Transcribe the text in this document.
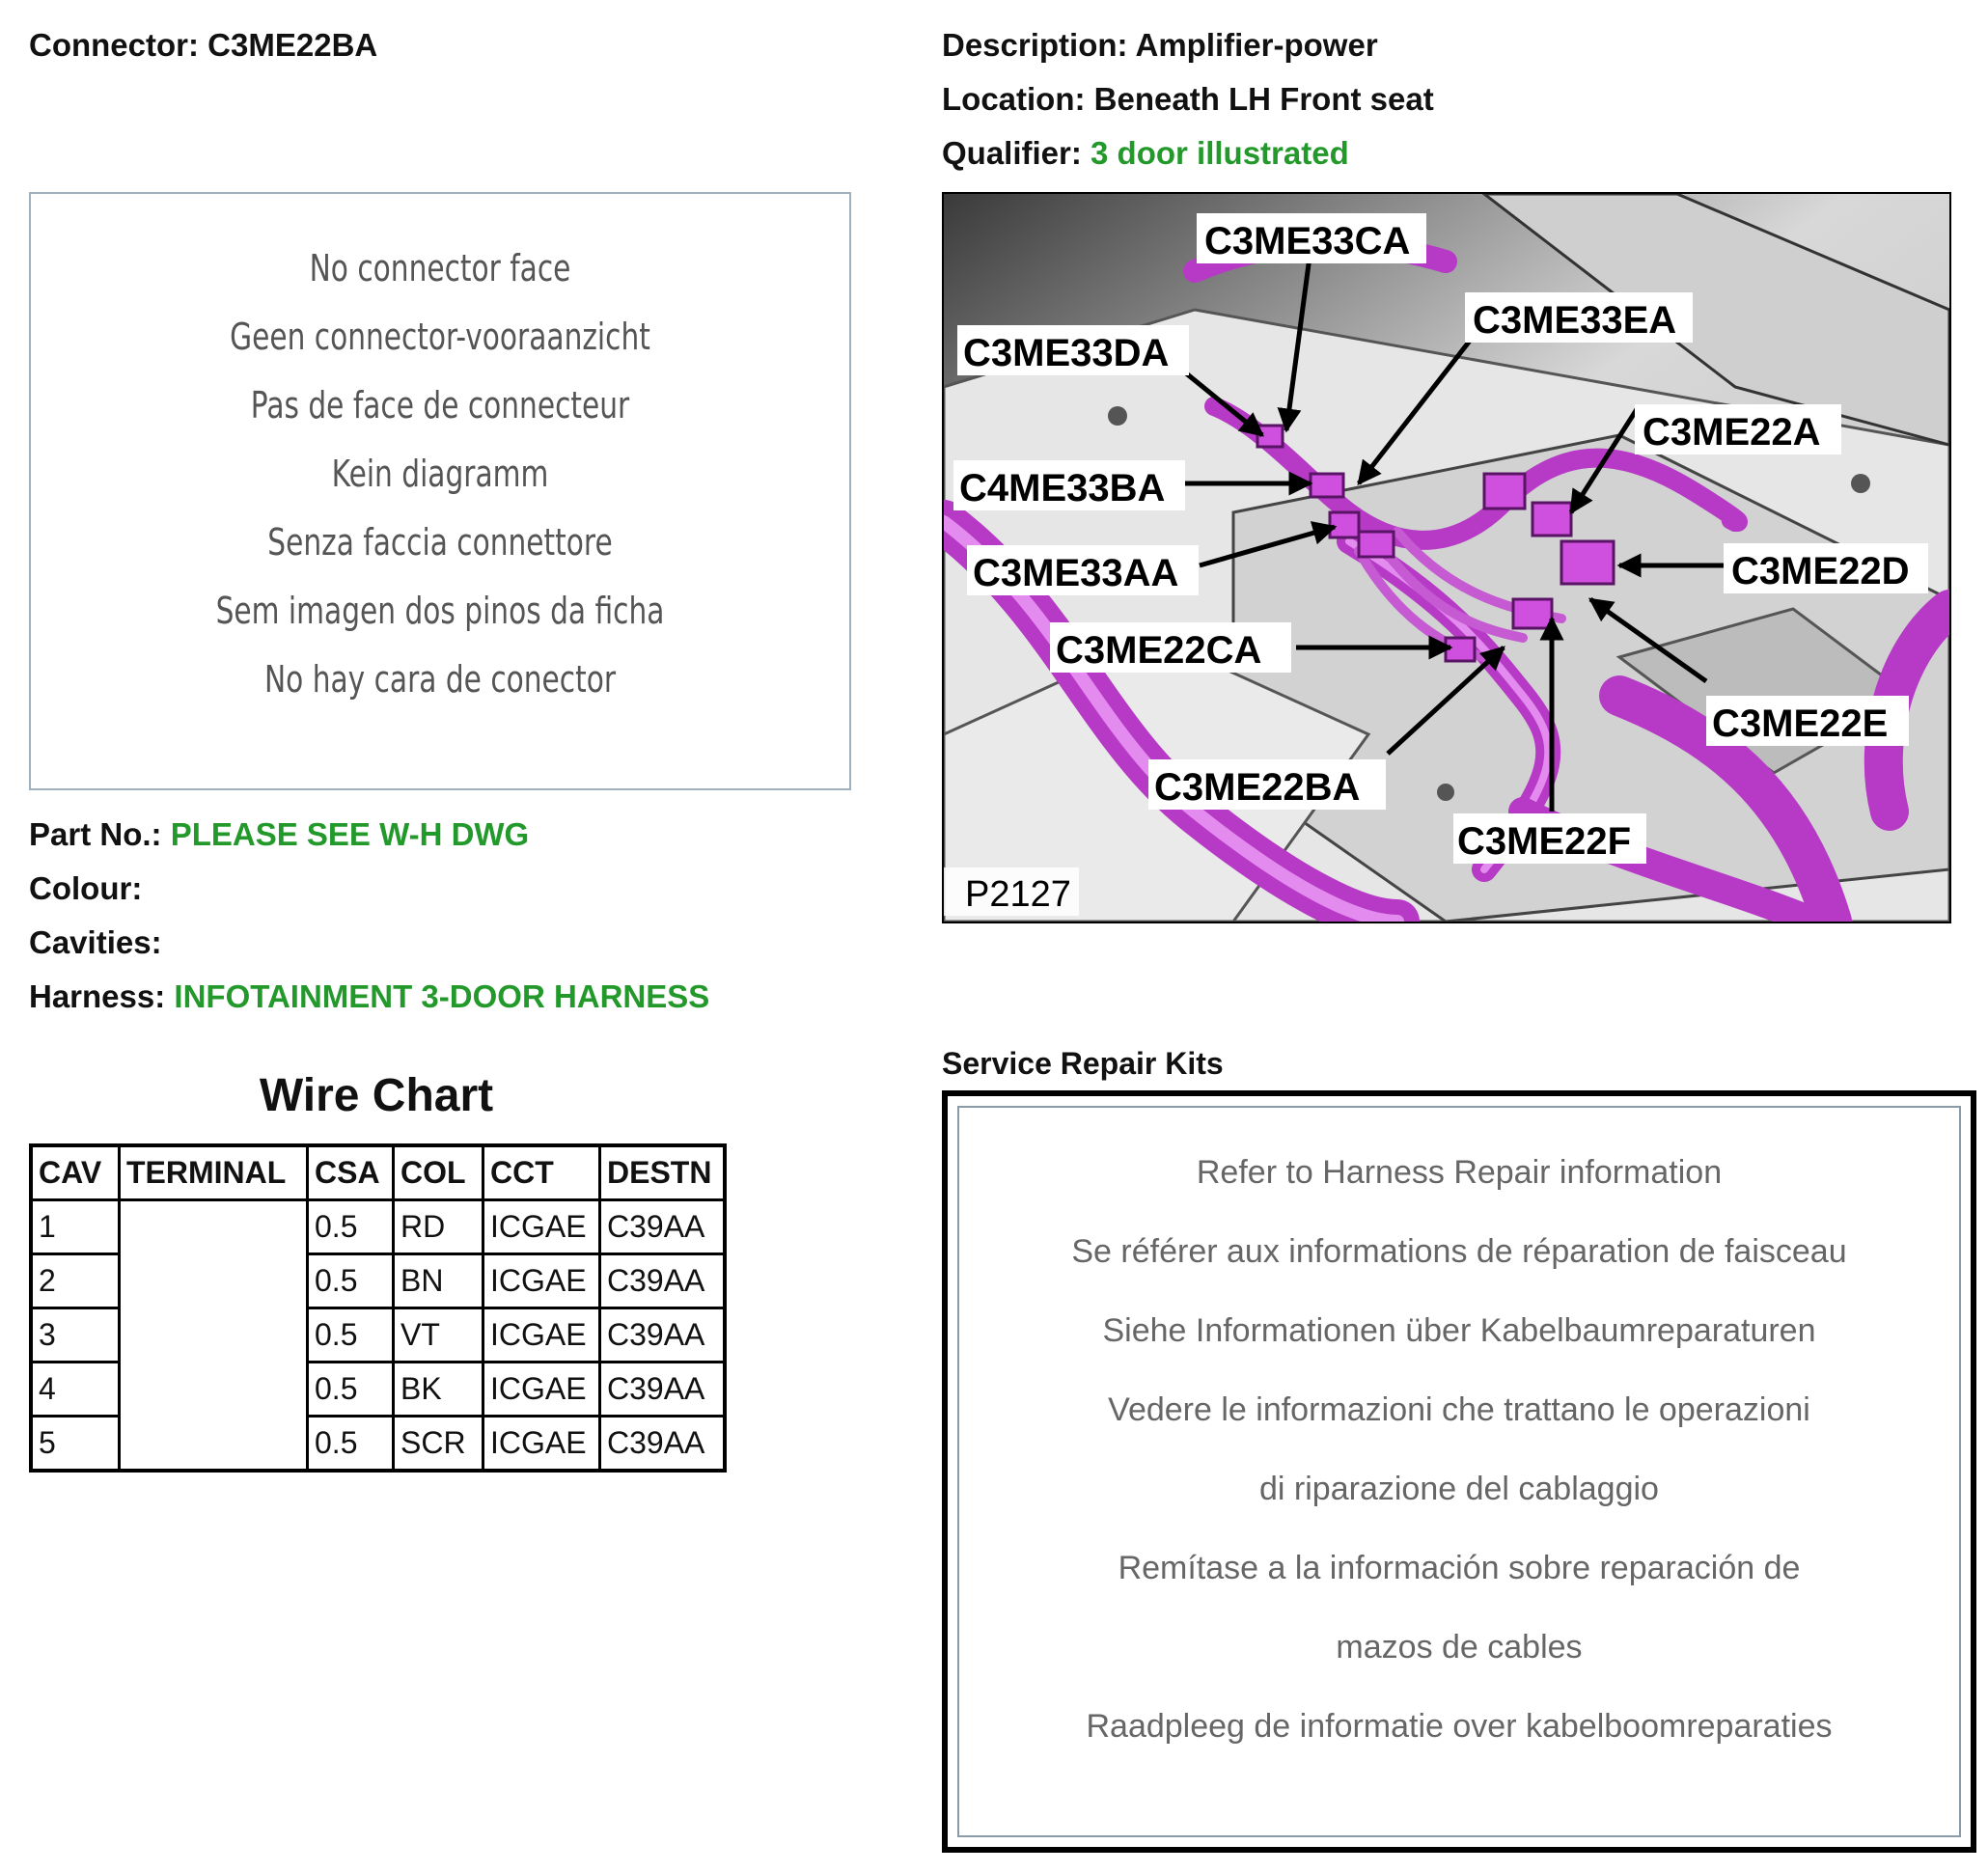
Connector: C3ME22BA	Description: Amplifier-power
Location: Beneath LH Front seat
Qualifier: 3 door illustrated
No connector face
Geen connector-vooraanzicht
Pas de face de connecteur
Kein diagramm
Senza faccia connettore
Sem imagen dos pinos da ficha
No hay cara de conector
Part No.: PLEASE SEE W-H DWG
Colour:
Cavities:
Harness: INFOTAINMENT 3-DOOR HARNESS
Wire Chart
CAV	TERMINAL	CSA	COL	CCT	DESTN
1		0.5	RD	ICGAE	C39AA
2		0.5	BN	ICGAE	C39AA
3		0.5	VT	ICGAE	C39AA
4		0.5	BK	ICGAE	C39AA
5		0.5	SCR	ICGAE	C39AA
C3ME33CA
C3ME33EA
C3ME33DA
C3ME22A
C4ME33BA
C3ME22D
C3ME33AA
C3ME22CA
C3ME22E
C3ME22BA
C3ME22F
P2127
Service Repair Kits
Refer to Harness Repair information
Se référer aux informations de réparation de faisceau
Siehe Informationen über Kabelbaumreparaturen
Vedere le informazioni che trattano le operazioni
di riparazione del cablaggio
Remítase a la información sobre reparación de
mazos de cables
Raadpleeg de informatie over kabelboomreparaties
